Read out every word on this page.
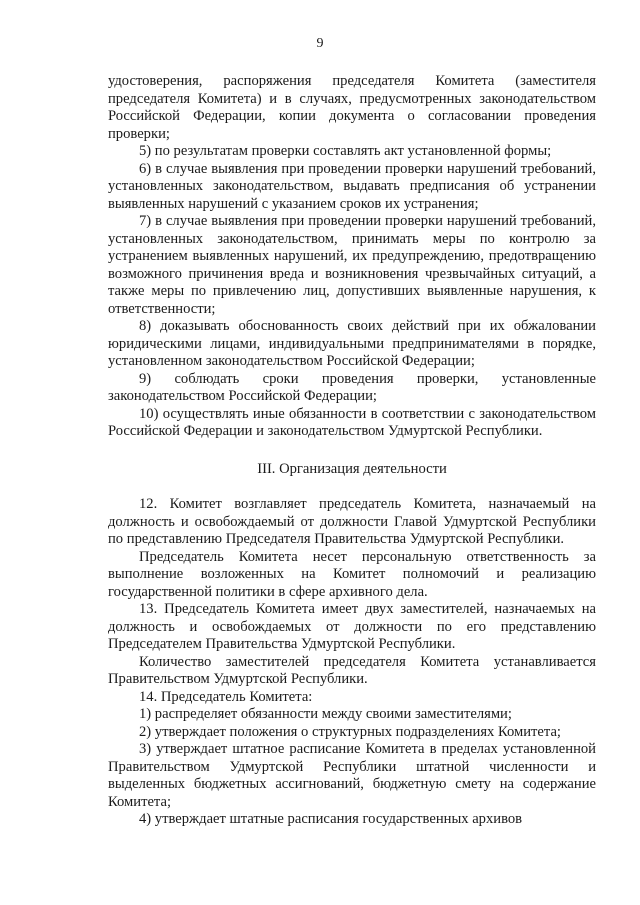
9

удостоверения, распоряжения председателя Комитета (заместителя председателя Комитета) и в случаях, предусмотренных законодательством Российской Федерации, копии документа о согласовании проведения проверки;

5) по результатам проверки составлять акт установленной формы;

6) в случае выявления при проведении проверки нарушений требований, установленных законодательством, выдавать предписания об устранении выявленных нарушений с указанием сроков их устранения;

7) в случае выявления при проведении проверки нарушений требований, установленных законодательством, принимать меры по контролю за устранением выявленных нарушений, их предупреждению, предотвращению возможного причинения вреда и возникновения чрезвычайных ситуаций, а также меры по привлечению лиц, допустивших выявленные нарушения, к ответственности;

8) доказывать обоснованность своих действий при их обжаловании юридическими лицами, индивидуальными предпринимателями в порядке, установленном законодательством Российской Федерации;

9) соблюдать сроки проведения проверки, установленные законодательством Российской Федерации;

10) осуществлять иные обязанности в соответствии с законодательством Российской Федерации и законодательством Удмуртской Республики.

III. Организация деятельности

12. Комитет возглавляет председатель Комитета, назначаемый на должность и освобождаемый от должности Главой Удмуртской Республики по представлению Председателя Правительства Удмуртской Республики.

Председатель Комитета несет персональную ответственность за выполнение возложенных на Комитет полномочий и реализацию государственной политики в сфере архивного дела.

13. Председатель Комитета имеет двух заместителей, назначаемых на должность и освобождаемых от должности по его представлению Председателем Правительства Удмуртской Республики.

Количество заместителей председателя Комитета устанавливается Правительством Удмуртской Республики.

14. Председатель Комитета:

1) распределяет обязанности между своими заместителями;

2) утверждает положения о структурных подразделениях Комитета;

3) утверждает штатное расписание Комитета в пределах установленной Правительством Удмуртской Республики штатной численности и выделенных бюджетных ассигнований, бюджетную смету на содержание Комитета;

4) утверждает штатные расписания государственных архивов
